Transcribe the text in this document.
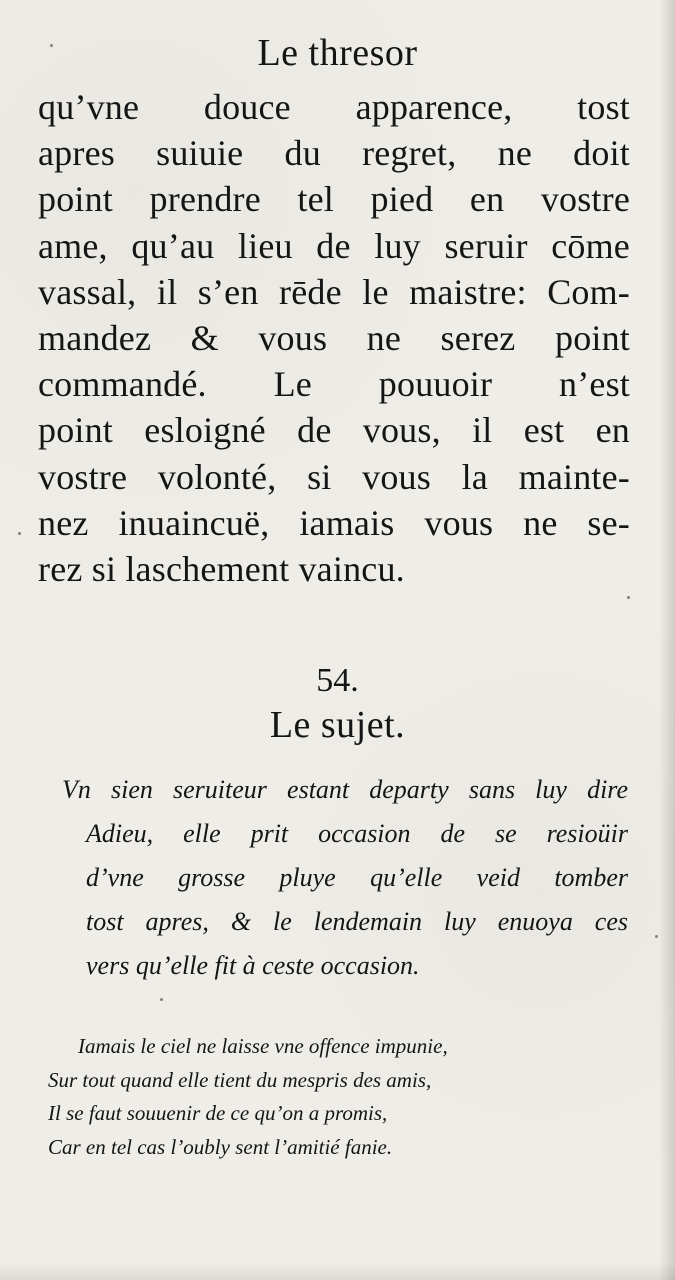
Le thresor
qu’vne douce apparence, tost
apres suiuie du regret, ne doit
point prendre tel pied en vostre
ame, qu’au lieu de luy seruir cōme
vassal, il s’en rēde le maistre: Com-
mandez & vous ne serez point
commandé. Le pouuoir n’est
point esloigné de vous, il est en
vostre volonté, si vous la mainte-
nez inuaincuë, iamais vous ne se-
rez si laschement vaincu.
54.
Le sujet.
Vn sien seruiteur estant departy sans luy dire
Adieu, elle prit occasion de se resioüir
d’vne grosse pluye qu’elle veid tomber
tost apres, & le lendemain luy enuoya ces
vers qu’elle fit à ceste occasion.
Iamais le ciel ne laisse vne offence impunie,
Sur tout quand elle tient du mespris des amis,
Il se faut souuenir de ce qu’on a promis,
Car en tel cas l’oubly sent l’amitié fanie.
